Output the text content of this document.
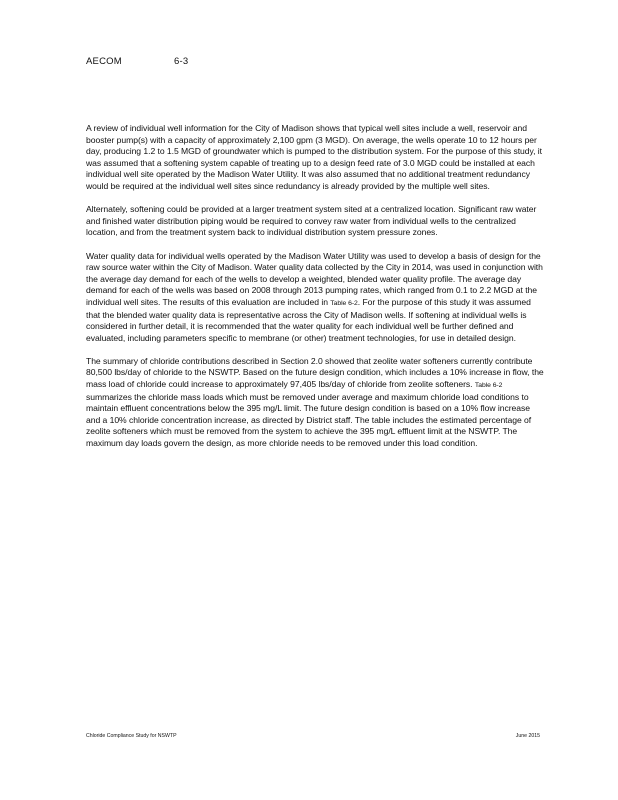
AECOM	6-3

A review of individual well information for the City of Madison shows that typical well sites include a well, reservoir and booster pump(s) with a capacity of approximately 2,100 gpm (3 MGD). On average, the wells operate 10 to 12 hours per day, producing 1.2 to 1.5 MGD of groundwater which is pumped to the distribution system. For the purpose of this study, it was assumed that a softening system capable of treating up to a design feed rate of 3.0 MGD could be installed at each individual well site operated by the Madison Water Utility. It was also assumed that no additional treatment redundancy would be required at the individual well sites since redundancy is already provided by the multiple well sites.

Alternately, softening could be provided at a larger treatment system sited at a centralized location. Significant raw water and finished water distribution piping would be required to convey raw water from individual wells to the centralized location, and from the treatment system back to individual distribution system pressure zones.

Water quality data for individual wells operated by the Madison Water Utility was used to develop a basis of design for the raw source water within the City of Madison. Water quality data collected by the City in 2014, was used in conjunction with the average day demand for each of the wells to develop a weighted, blended water quality profile. The average day demand for each of the wells was based on 2008 through 2013 pumping rates, which ranged from 0.1 to 2.2 MGD at the individual well sites. The results of this evaluation are included in Table 6-2. For the purpose of this study it was assumed that the blended water quality data is representative across the City of Madison wells. If softening at individual wells is considered in further detail, it is recommended that the water quality for each individual well be further defined and evaluated, including parameters specific to membrane (or other) treatment technologies, for use in detailed design.

The summary of chloride contributions described in Section 2.0 showed that zeolite water softeners currently contribute 80,500 lbs/day of chloride to the NSWTP. Based on the future design condition, which includes a 10% increase in flow, the mass load of chloride could increase to approximately 97,405 lbs/day of chloride from zeolite softeners. Table 6-2 summarizes the chloride mass loads which must be removed under average and maximum chloride load conditions to maintain effluent concentrations below the 395 mg/L limit. The future design condition is based on a 10% flow increase and a 10% chloride concentration increase, as directed by District staff. The table includes the estimated percentage of zeolite softeners which must be removed from the system to achieve the 395 mg/L effluent limit at the NSWTP. The maximum day loads govern the design, as more chloride needs to be removed under this load condition.

Chloride Compliance Study for NSWTP	June 2015
